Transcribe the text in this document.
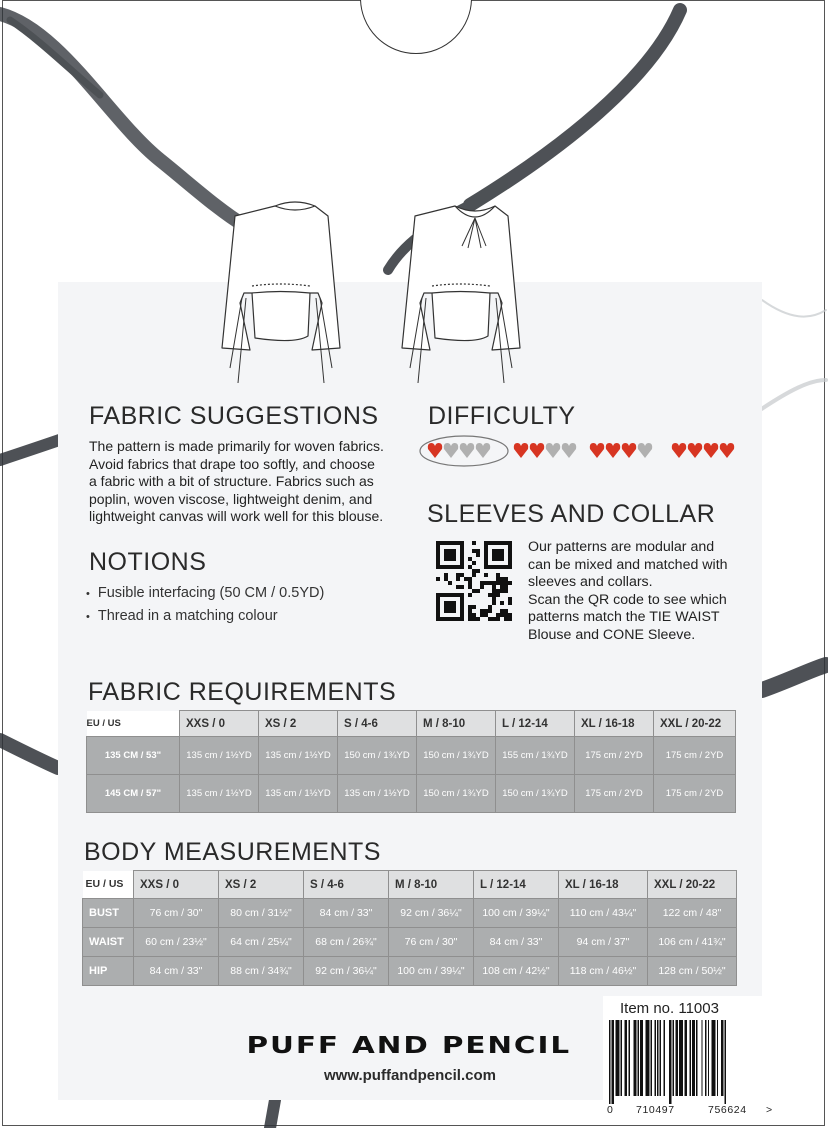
FABRIC SUGGESTIONS
The pattern is made primarily for woven fabrics.
Avoid fabrics that drape too softly, and choose
a fabric with a bit of structure. Fabrics such as
poplin, woven viscose, lightweight denim, and
lightweight canvas will work well for this blouse.
DIFFICULTY
SLEEVES AND COLLAR
Our patterns are modular and
can be mixed and matched with
sleeves and collars.
Scan the QR code to see which
patterns match the TIE WAIST
Blouse and CONE Sleeve.
NOTIONS
• Fusible interfacing (50 CM / 0.5YD)
• Thread in a matching colour
FABRIC REQUIREMENTS
EU / US	XXS / 0	XS / 2	S / 4-6	M / 8-10	L / 12-14	XL / 16-18	XXL / 20-22
135 CM / 53"	135 cm / 1½YD	135 cm / 1½YD	150 cm / 1¾YD	150 cm / 1¾YD	155 cm / 1¾YD	175 cm / 2YD	175 cm / 2YD
145 CM / 57"	135 cm / 1½YD	135 cm / 1½YD	135 cm / 1½YD	150 cm / 1¾YD	150 cm / 1¾YD	175 cm / 2YD	175 cm / 2YD
BODY MEASUREMENTS
EU / US	XXS / 0	XS / 2	S / 4-6	M / 8-10	L / 12-14	XL / 16-18	XXL / 20-22
BUST	76 cm / 30"	80 cm / 31½"	84 cm / 33"	92 cm / 36¼"	100 cm / 39¼"	110 cm / 43¼"	122 cm / 48"
WAIST	60 cm / 23½"	64 cm / 25¼"	68 cm / 26¾"	76 cm / 30"	84 cm / 33"	94 cm / 37"	106 cm / 41¾"
HIP	84 cm / 33"	88 cm / 34¾"	92 cm / 36¼"	100 cm / 39¼"	108 cm / 42½"	118 cm / 46½"	128 cm / 50½"
PUFF AND PENCIL
www.puffandpencil.com
Item no. 11003
0 710497	756624 >
